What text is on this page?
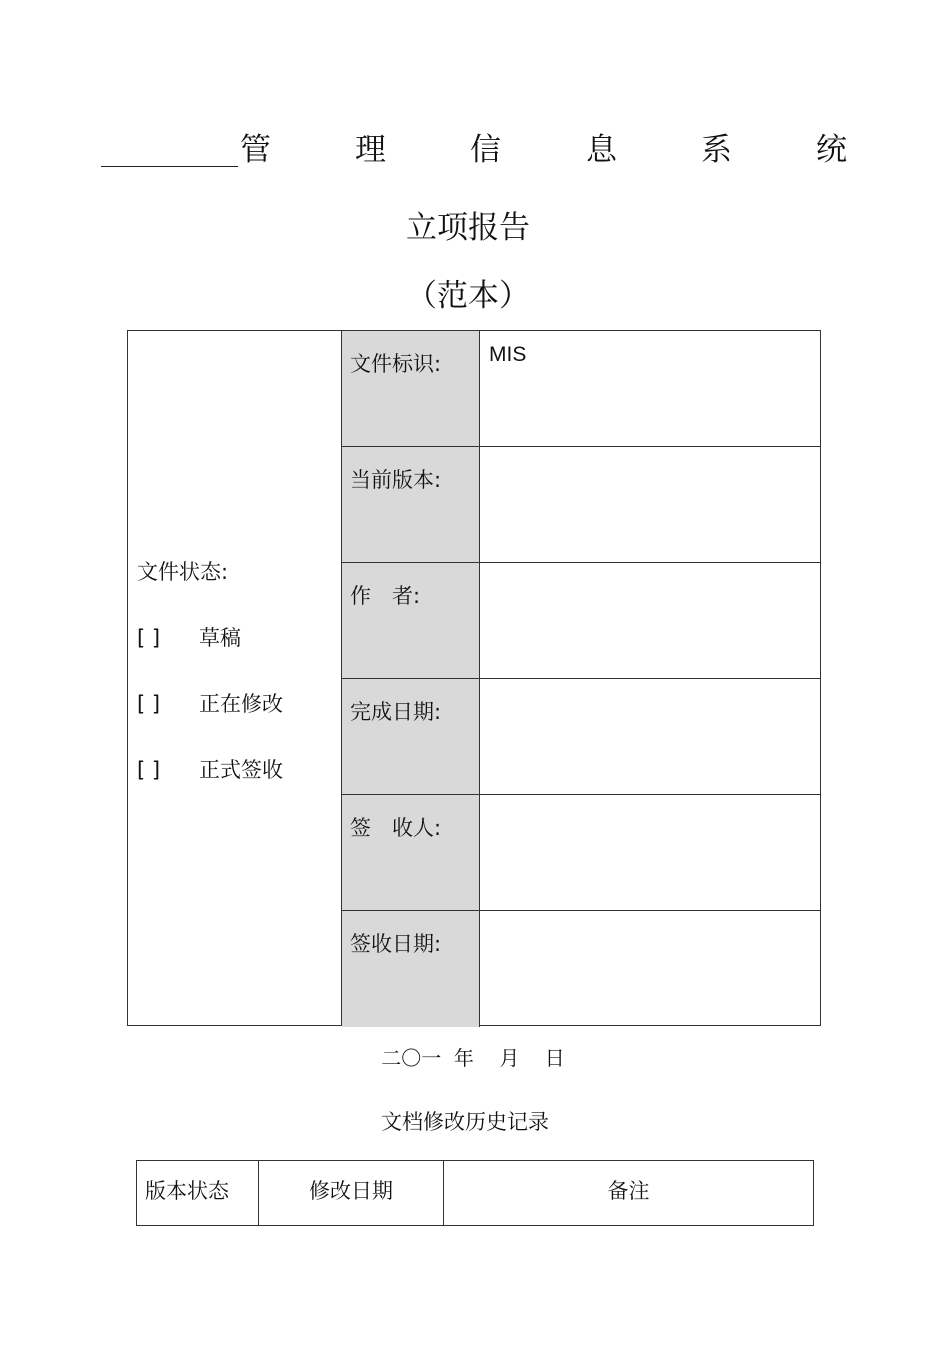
管	理	信	息	系	统
立项报告
（范本）
文件状态:
[ ] 草稿
[ ] 正在修改
[ ] 正式签收
文件标识:	MIS
当前版本:
作　者:
完成日期:
签　收人:
签收日期:
二〇一  年    月    日
文档修改历史记录
版本状态	修改日期	备注
